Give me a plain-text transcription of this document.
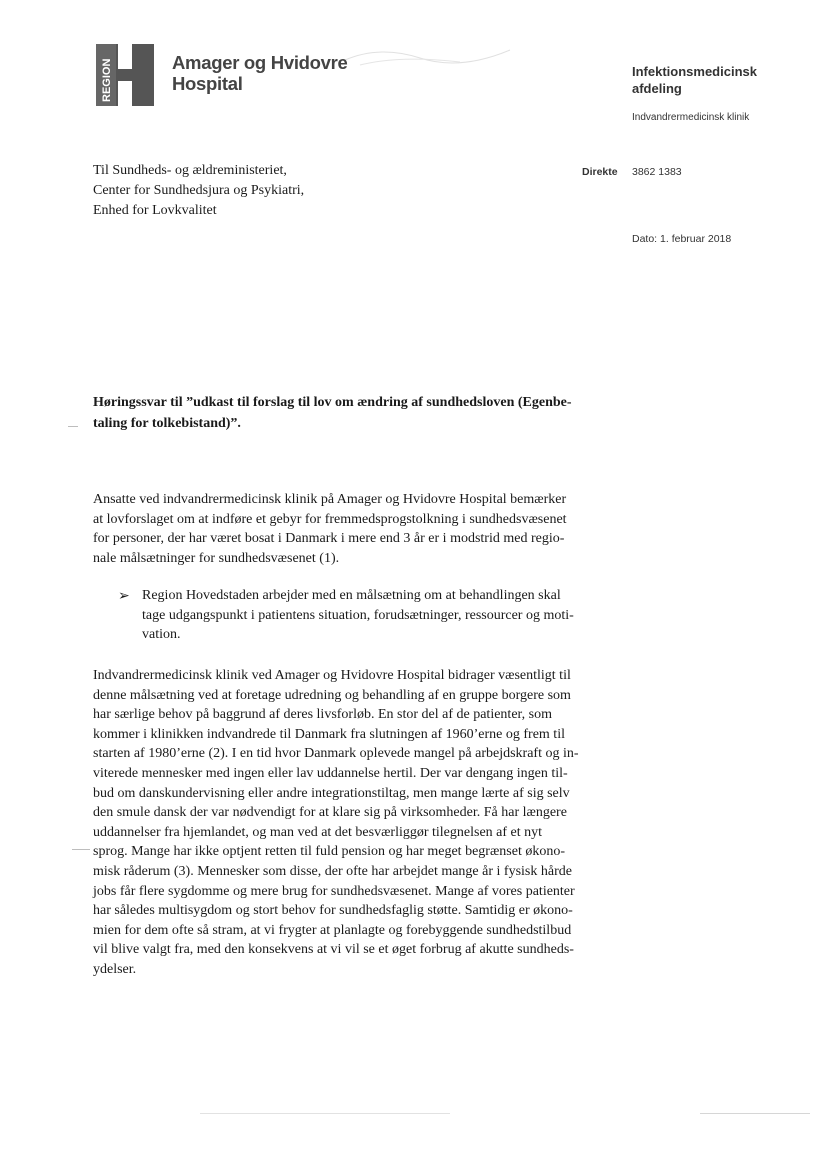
REGION	Amager og Hvidovre
Hospital
Infektionsmedicinsk
afdeling
Indvandrermedicinsk klinik
Direkte 3862 1383
Dato: 1. februar 2018
Til Sundheds- og ældreministeriet,
Center for Sundhedsjura og Psykiatri,
Enhed for Lovkvalitet
Høringssvar til ”udkast til forslag til lov om ændring af sundhedsloven (Egenbe-
taling for tolkebistand)”.
Ansatte ved indvandrermedicinsk klinik på Amager og Hvidovre Hospital bemærker
at lovforslaget om at indføre et gebyr for fremmedsprogstolkning i sundhedsvæsenet
for personer, der har været bosat i Danmark i mere end 3 år er i modstrid med regio-
nale målsætninger for sundhedsvæsenet (1).
➢ Region Hovedstaden arbejder med en målsætning om at behandlingen skal
tage udgangspunkt i patientens situation, forudsætninger, ressourcer og moti-
vation.
Indvandrermedicinsk klinik ved Amager og Hvidovre Hospital bidrager væsentligt til
denne målsætning ved at foretage udredning og behandling af en gruppe borgere som
har særlige behov på baggrund af deres livsforløb. En stor del af de patienter, som
kommer i klinikken indvandrede til Danmark fra slutningen af 1960’erne og frem til
starten af 1980’erne (2). I en tid hvor Danmark oplevede mangel på arbejdskraft og in-
viterede mennesker med ingen eller lav uddannelse hertil. Der var dengang ingen til-
bud om danskundervisning eller andre integrationstiltag, men mange lærte af sig selv
den smule dansk der var nødvendigt for at klare sig på virksomheder. Få har længere
uddannelser fra hjemlandet, og man ved at det besværliggør tilegnelsen af et nyt
sprog. Mange har ikke optjent retten til fuld pension og har meget begrænset økono-
misk råderum (3). Mennesker som disse, der ofte har arbejdet mange år i fysisk hårde
jobs får flere sygdomme og mere brug for sundhedsvæsenet. Mange af vores patienter
har således multisygdom og stort behov for sundhedsfaglig støtte. Samtidig er økono-
mien for dem ofte så stram, at vi frygter at planlagte og forebyggende sundhedstilbud
vil blive valgt fra, med den konsekvens at vi vil se et øget forbrug af akutte sundheds-
ydelser.
